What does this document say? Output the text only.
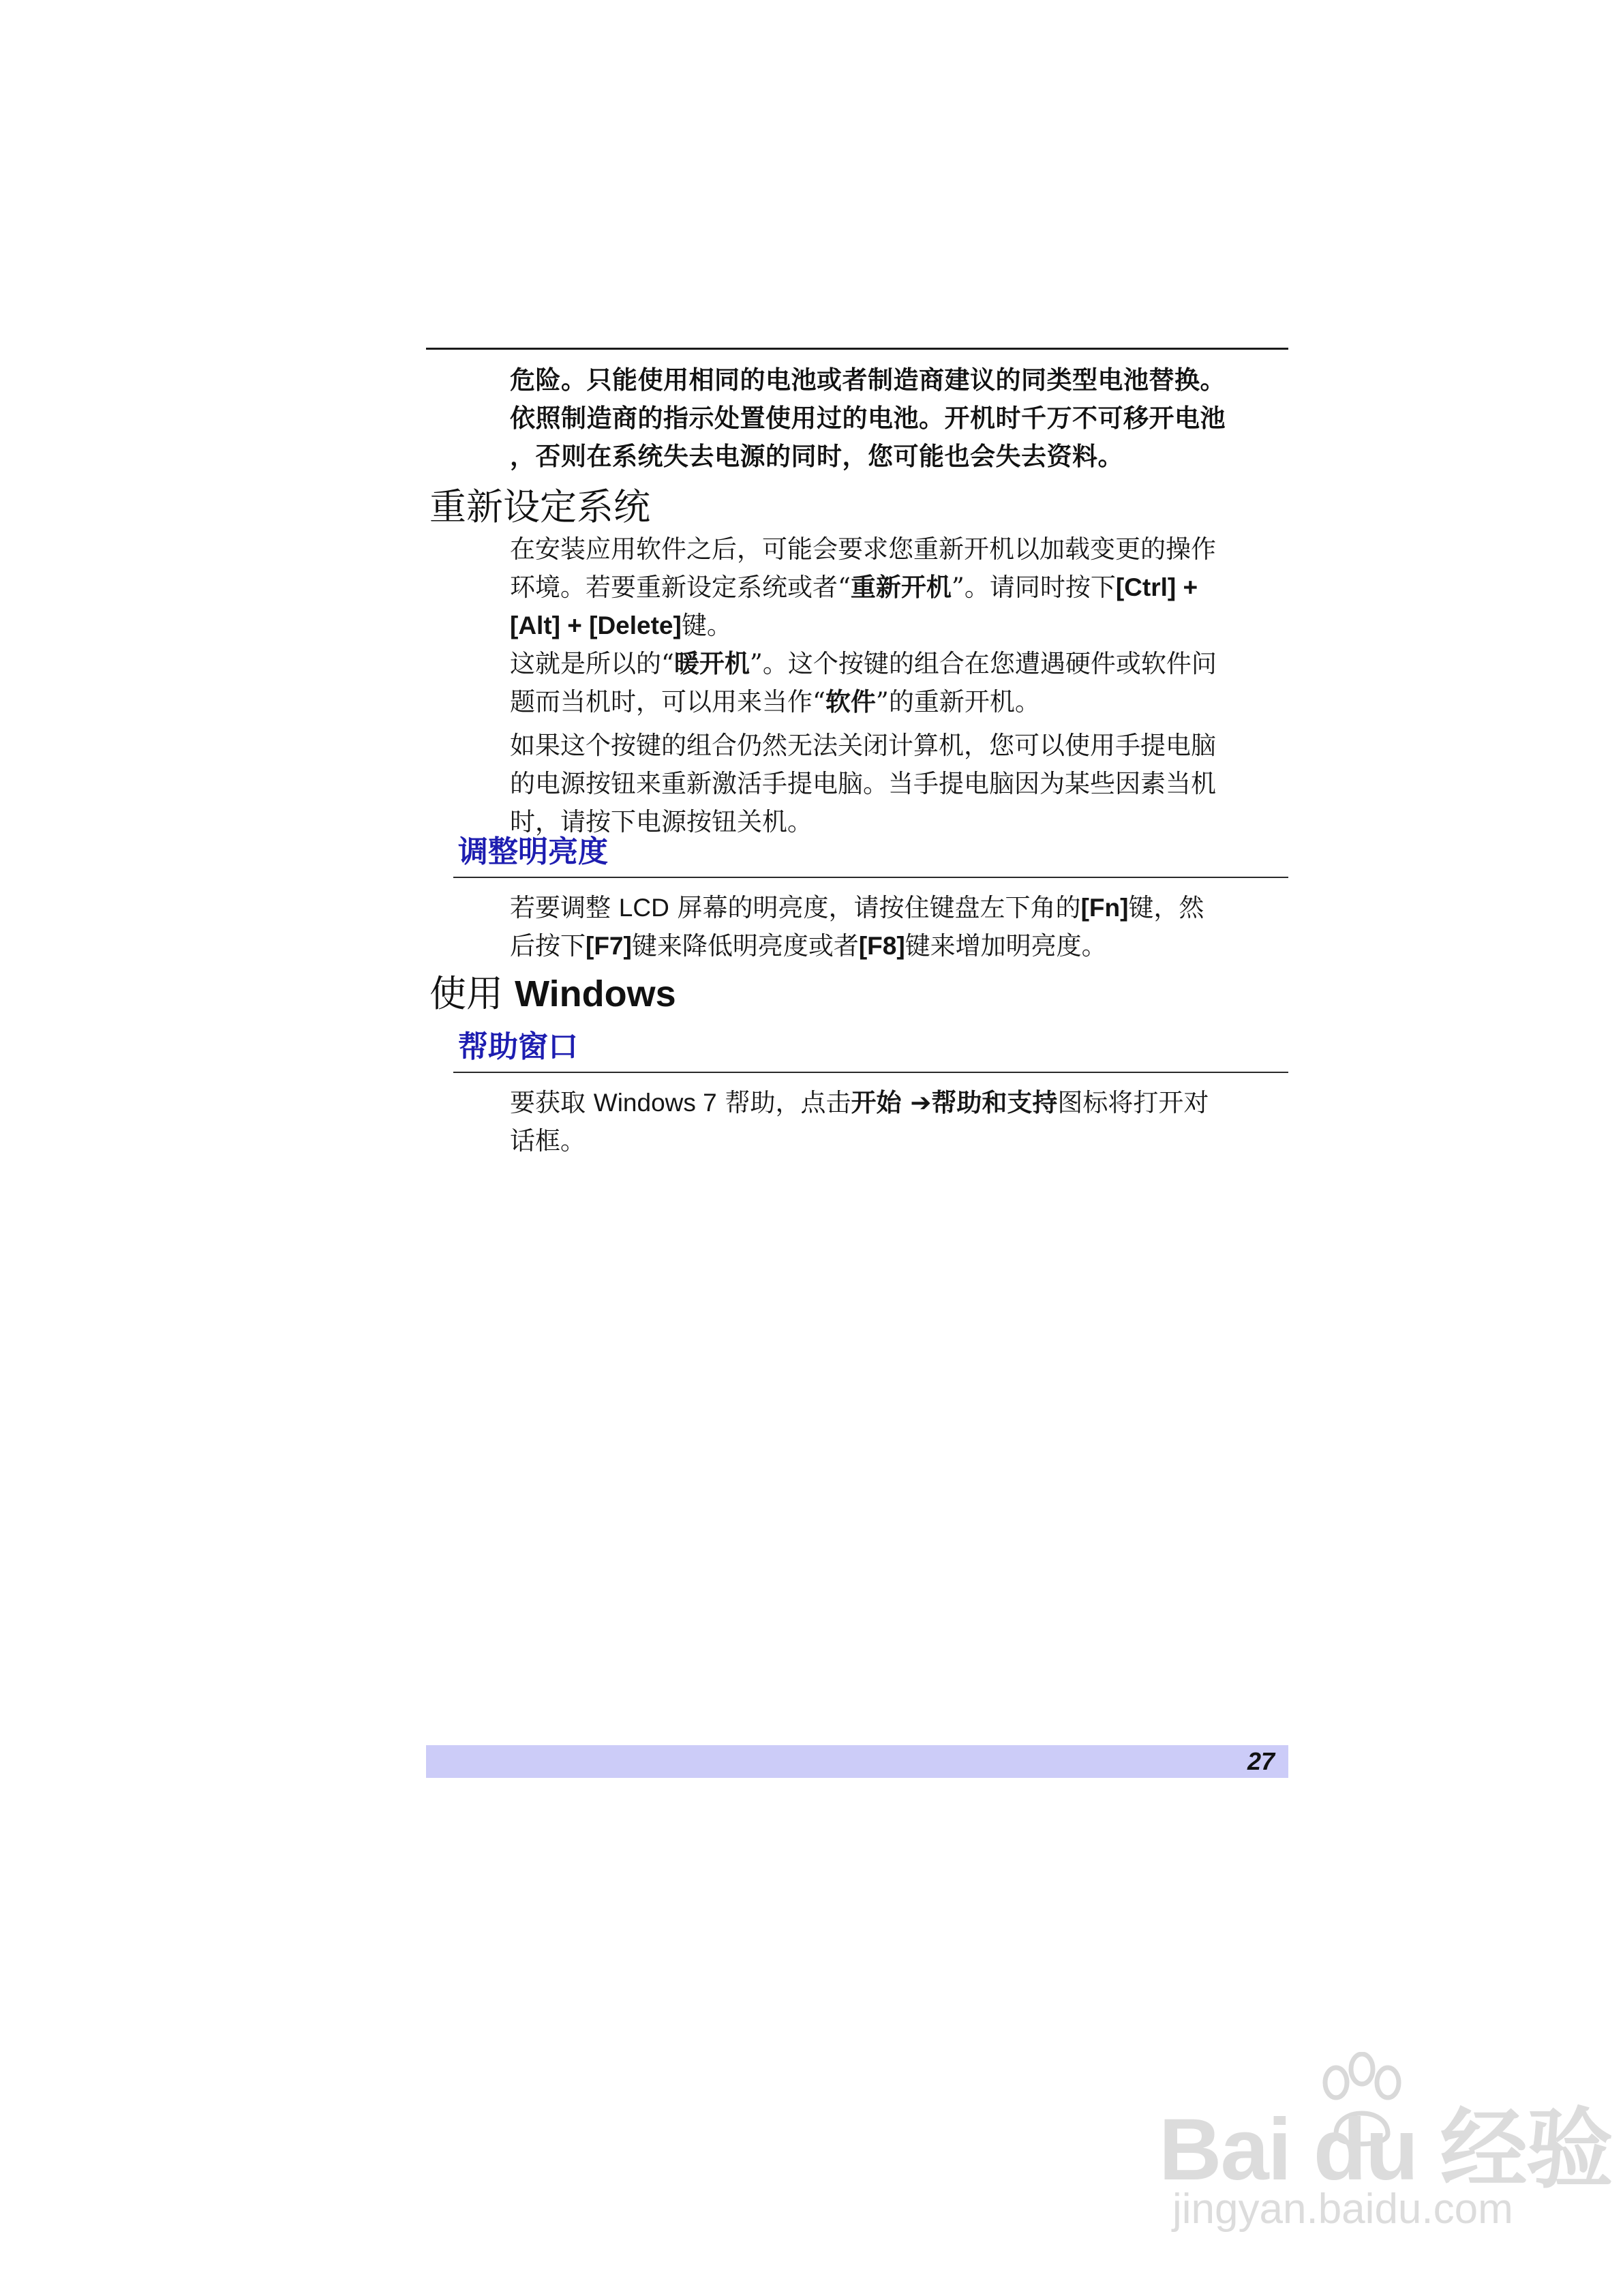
危险。只能使用相同的电池或者制造商建议的同类型电池替换。

依照制造商的指示处置使用过的电池。开机时千万不可移开电池

，否则在系统失去电源的同时，您可能也会失去资料。

重新设定系统

在安装应用软件之后，可能会要求您重新开机以加载变更的操作

环境。若要重新设定系统或者“重新开机”。请同时按下[Ctrl] +

[Alt] + [Delete]键。

这就是所以的“暖开机”。这个按键的组合在您遭遇硬件或软件问

题而当机时，可以用来当作“软件”的重新开机。

如果这个按键的组合仍然无法关闭计算机，您可以使用手提电脑

的电源按钮来重新激活手提电脑。当手提电脑因为某些因素当机

时，请按下电源按钮关机。

调整明亮度

若要调整 LCD 屏幕的明亮度，请按住键盘左下角的[Fn]键，然

后按下[F7]键来降低明亮度或者[F8]键来增加明亮度。

使用 Windows
帮助窗口

要获取 Windows 7 帮助，点击开始 ➔帮助和支持图标将打开对

话框。

27
Bai du 经验
jingyan.baidu.com
